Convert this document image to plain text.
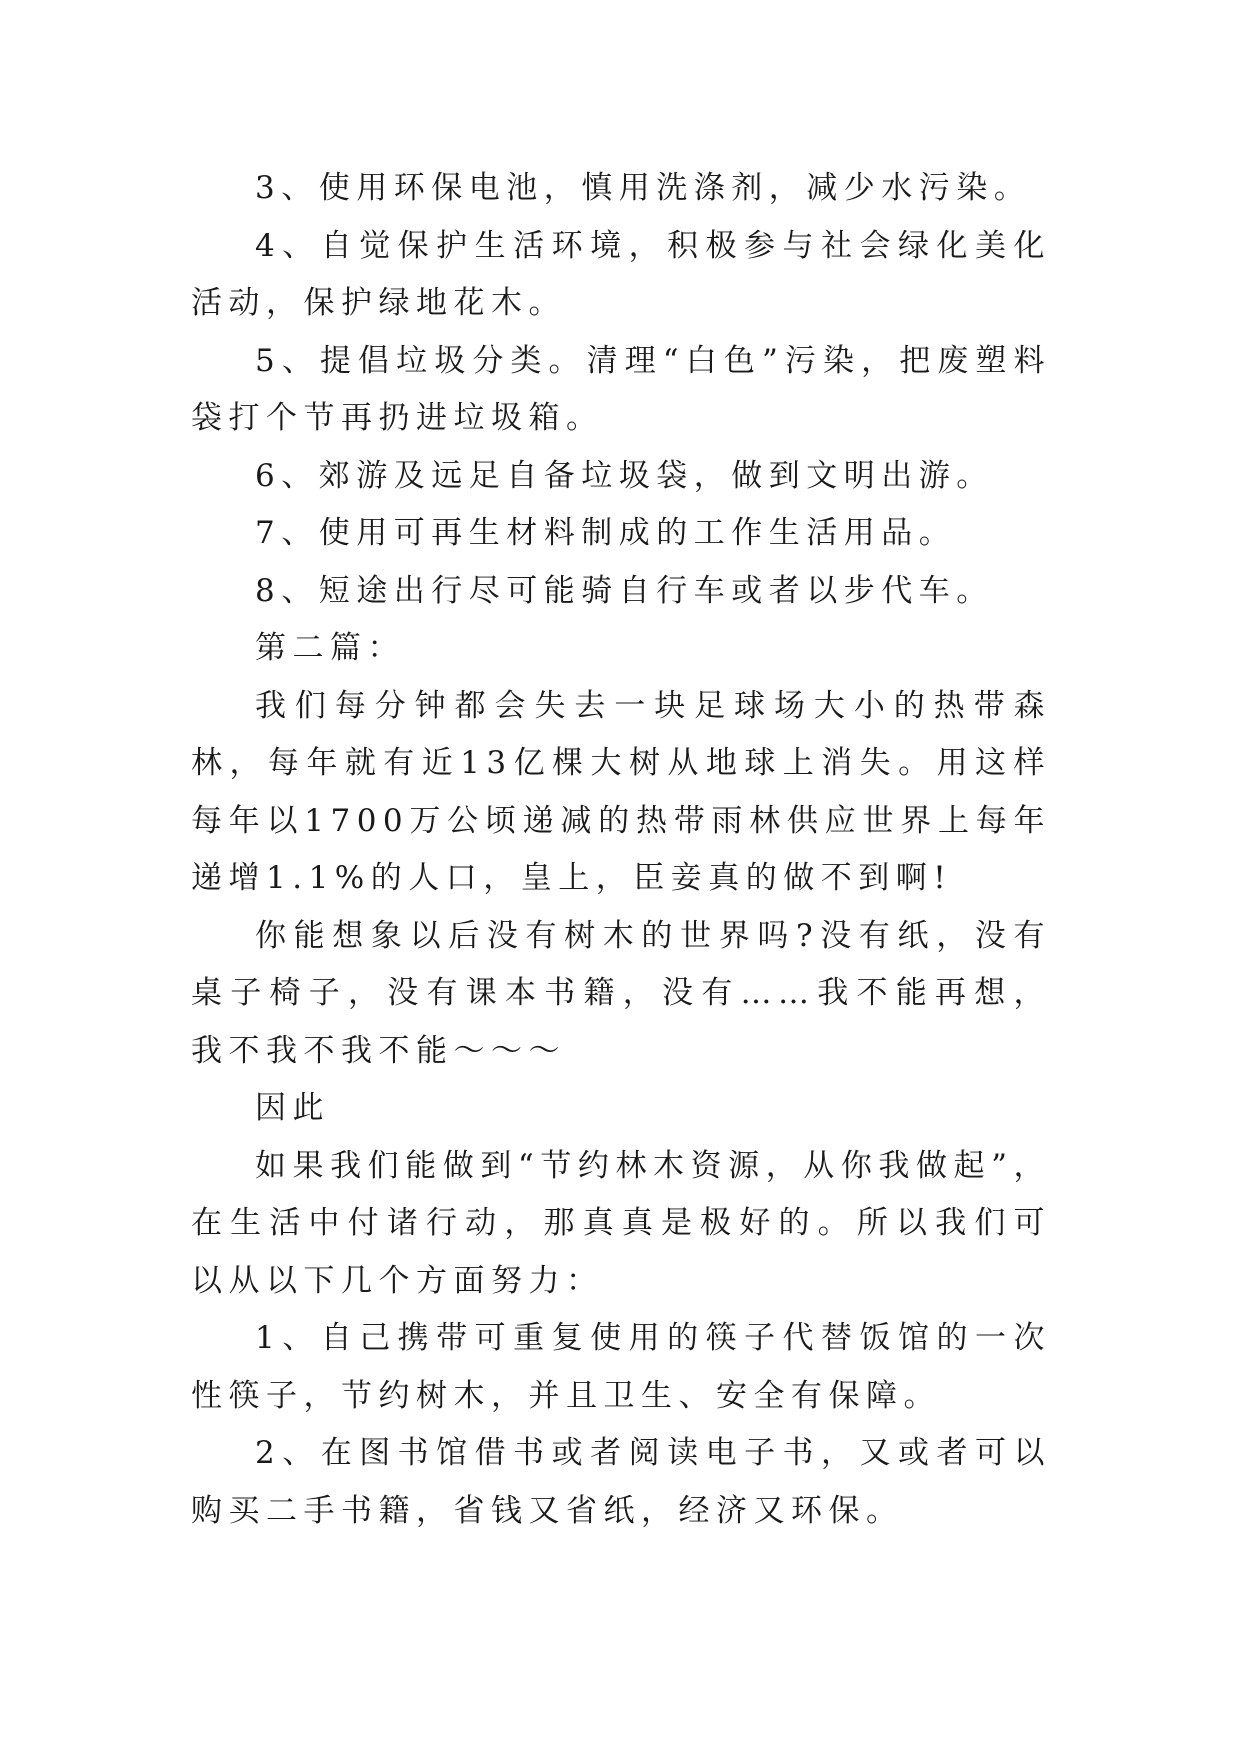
3、使用环保电池，慎用洗涤剂，减少水污染。

4、自觉保护生活环境，积极参与社会绿化美化活动，保护绿地花木。

5、提倡垃圾分类。清理“白色”污染，把废塑料袋打个节再扔进垃圾箱。

6、郊游及远足自备垃圾袋，做到文明出游。

7、使用可再生材料制成的工作生活用品。

8、短途出行尽可能骑自行车或者以步代车。

第二篇：

我们每分钟都会失去一块足球场大小的热带森林，每年就有近13亿棵大树从地球上消失。用这样每年以1700万公顷递减的热带雨林供应世界上每年递增1.1%的人口，皇上，臣妾真的做不到啊!

你能想象以后没有树木的世界吗?没有纸，没有桌子椅子，没有课本书籍，没有……我不能再想，我不我不我不能～～～

因此

如果我们能做到“节约林木资源，从你我做起”，在生活中付诸行动，那真真是极好的。所以我们可以从以下几个方面努力：

1、自己携带可重复使用的筷子代替饭馆的一次性筷子，节约树木，并且卫生、安全有保障。

2、在图书馆借书或者阅读电子书，又或者可以购买二手书籍，省钱又省纸，经济又环保。
